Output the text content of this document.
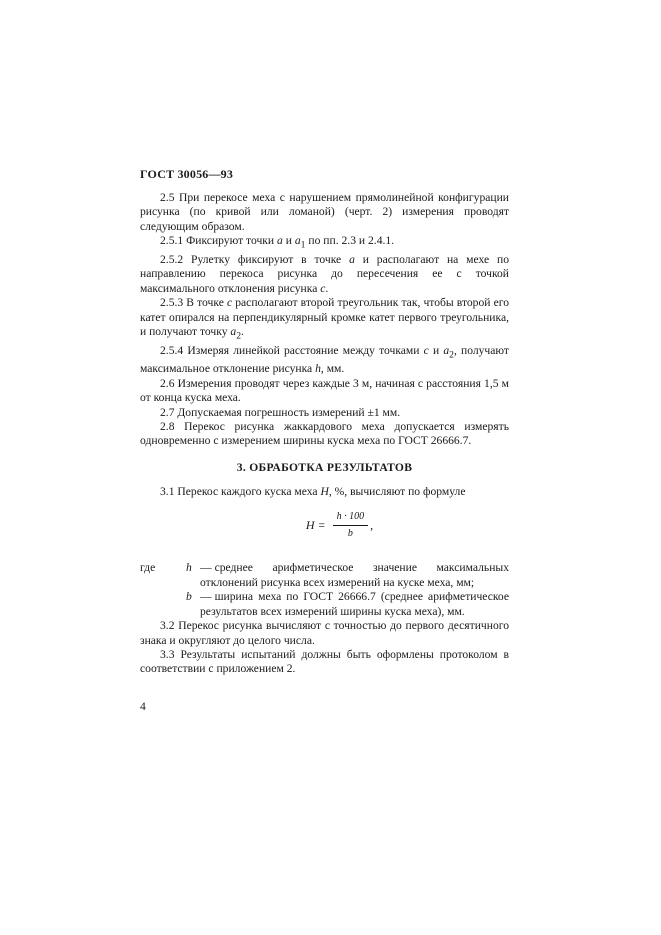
ГОСТ 30056—93

2.5 При перекосе меха с нарушением прямолинейной конфигурации рисунка (по кривой или ломаной) (черт. 2) измерения проводят следующим образом.

2.5.1 Фиксируют точки a и $a_1$ по пп. 2.3 и 2.4.1.

2.5.2 Рулетку фиксируют в точке a и располагают на мехе по направлению перекоса рисунка до пересечения ее с точкой максимального отклонения рисунка c.

2.5.3 В точке c располагают второй треугольник так, чтобы второй его катет опирался на перпендикулярный кромке катет первого треугольника, и получают точку $a_2$.

2.5.4 Измеряя линейкой расстояние между точками c и $a_2$, получают максимальное отклонение рисунка h, мм.

2.6 Измерения проводят через каждые 3 м, начиная с расстояния 1,5 м от конца куска меха.

2.7 Допускаемая погрешность измерений ±1 мм.

2.8 Перекос рисунка жаккардового меха допускается измерять одновременно с измерением ширины куска меха по ГОСТ 26666.7.

3. ОБРАБОТКА РЕЗУЛЬТАТОВ

3.1 Перекос каждого куска меха H, %, вычисляют по формуле

$H = \frac{h \cdot 100}{b}$ ,
где	h — среднее арифметическое значение максимальных отклонений рисунка всех измерений на куске меха, мм;
b — ширина меха по ГОСТ 26666.7 (среднее арифметическое результатов всех измерений ширины куска меха), мм.

3.2 Перекос рисунка вычисляют с точностью до первого десятичного знака и округляют до целого числа.

3.3 Результаты испытаний должны быть оформлены протоколом в соответствии с приложением 2.

4
